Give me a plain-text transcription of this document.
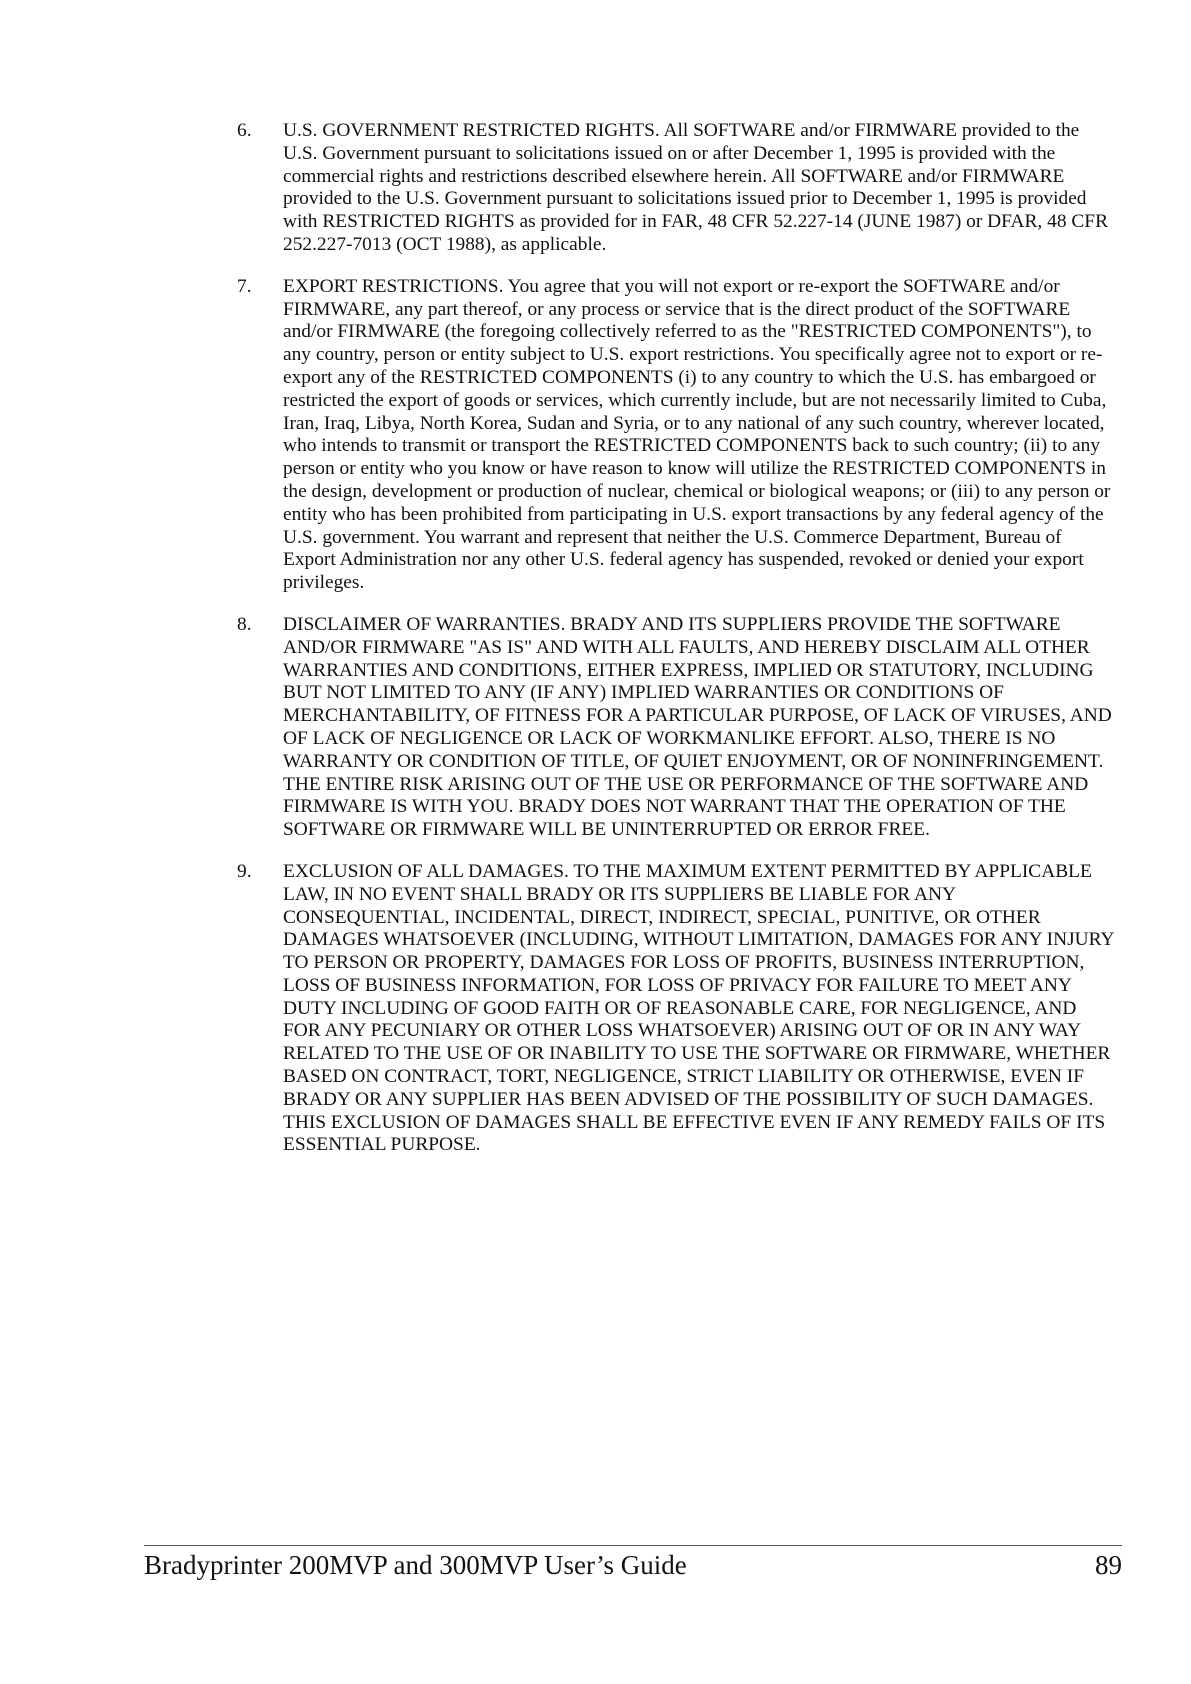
6. U.S. GOVERNMENT RESTRICTED RIGHTS. All SOFTWARE and/or FIRMWARE provided to the U.S. Government pursuant to solicitations issued on or after December 1, 1995 is provided with the commercial rights and restrictions described elsewhere herein. All SOFTWARE and/or FIRMWARE provided to the U.S. Government pursuant to solicitations issued prior to December 1, 1995 is provided with RESTRICTED RIGHTS as provided for in FAR, 48 CFR 52.227-14 (JUNE 1987) or DFAR, 48 CFR 252.227-7013 (OCT 1988), as applicable.
7. EXPORT RESTRICTIONS. You agree that you will not export or re-export the SOFTWARE and/or FIRMWARE, any part thereof, or any process or service that is the direct product of the SOFTWARE and/or FIRMWARE (the foregoing collectively referred to as the "RESTRICTED COMPONENTS"), to any country, person or entity subject to U.S. export restrictions. You specifically agree not to export or re-export any of the RESTRICTED COMPONENTS (i) to any country to which the U.S. has embargoed or restricted the export of goods or services, which currently include, but are not necessarily limited to Cuba, Iran, Iraq, Libya, North Korea, Sudan and Syria, or to any national of any such country, wherever located, who intends to transmit or transport the RESTRICTED COMPONENTS back to such country; (ii) to any person or entity who you know or have reason to know will utilize the RESTRICTED COMPONENTS in the design, development or production of nuclear, chemical or biological weapons; or (iii) to any person or entity who has been prohibited from participating in U.S. export transactions by any federal agency of the U.S. government. You warrant and represent that neither the U.S. Commerce Department, Bureau of Export Administration nor any other U.S. federal agency has suspended, revoked or denied your export privileges.
8. DISCLAIMER OF WARRANTIES. BRADY AND ITS SUPPLIERS PROVIDE THE SOFTWARE AND/OR FIRMWARE "AS IS" AND WITH ALL FAULTS, AND HEREBY DISCLAIM ALL OTHER WARRANTIES AND CONDITIONS, EITHER EXPRESS, IMPLIED OR STATUTORY, INCLUDING BUT NOT LIMITED TO ANY (IF ANY) IMPLIED WARRANTIES OR CONDITIONS OF MERCHANTABILITY, OF FITNESS FOR A PARTICULAR PURPOSE, OF LACK OF VIRUSES, AND OF LACK OF NEGLIGENCE OR LACK OF WORKMANLIKE EFFORT. ALSO, THERE IS NO WARRANTY OR CONDITION OF TITLE, OF QUIET ENJOYMENT, OR OF NONINFRINGEMENT. THE ENTIRE RISK ARISING OUT OF THE USE OR PERFORMANCE OF THE SOFTWARE AND FIRMWARE IS WITH YOU. BRADY DOES NOT WARRANT THAT THE OPERATION OF THE SOFTWARE OR FIRMWARE WILL BE UNINTERRUPTED OR ERROR FREE.
9. EXCLUSION OF ALL DAMAGES. TO THE MAXIMUM EXTENT PERMITTED BY APPLICABLE LAW, IN NO EVENT SHALL BRADY OR ITS SUPPLIERS BE LIABLE FOR ANY CONSEQUENTIAL, INCIDENTAL, DIRECT, INDIRECT, SPECIAL, PUNITIVE, OR OTHER DAMAGES WHATSOEVER (INCLUDING, WITHOUT LIMITATION, DAMAGES FOR ANY INJURY TO PERSON OR PROPERTY, DAMAGES FOR LOSS OF PROFITS, BUSINESS INTERRUPTION, LOSS OF BUSINESS INFORMATION, FOR LOSS OF PRIVACY FOR FAILURE TO MEET ANY DUTY INCLUDING OF GOOD FAITH OR OF REASONABLE CARE, FOR NEGLIGENCE, AND FOR ANY PECUNIARY OR OTHER LOSS WHATSOEVER) ARISING OUT OF OR IN ANY WAY RELATED TO THE USE OF OR INABILITY TO USE THE SOFTWARE OR FIRMWARE, WHETHER BASED ON CONTRACT, TORT, NEGLIGENCE, STRICT LIABILITY OR OTHERWISE, EVEN IF BRADY OR ANY SUPPLIER HAS BEEN ADVISED OF THE POSSIBILITY OF SUCH DAMAGES. THIS EXCLUSION OF DAMAGES SHALL BE EFFECTIVE EVEN IF ANY REMEDY FAILS OF ITS ESSENTIAL PURPOSE.
Bradyprinter 200MVP and 300MVP User’s Guide	89
